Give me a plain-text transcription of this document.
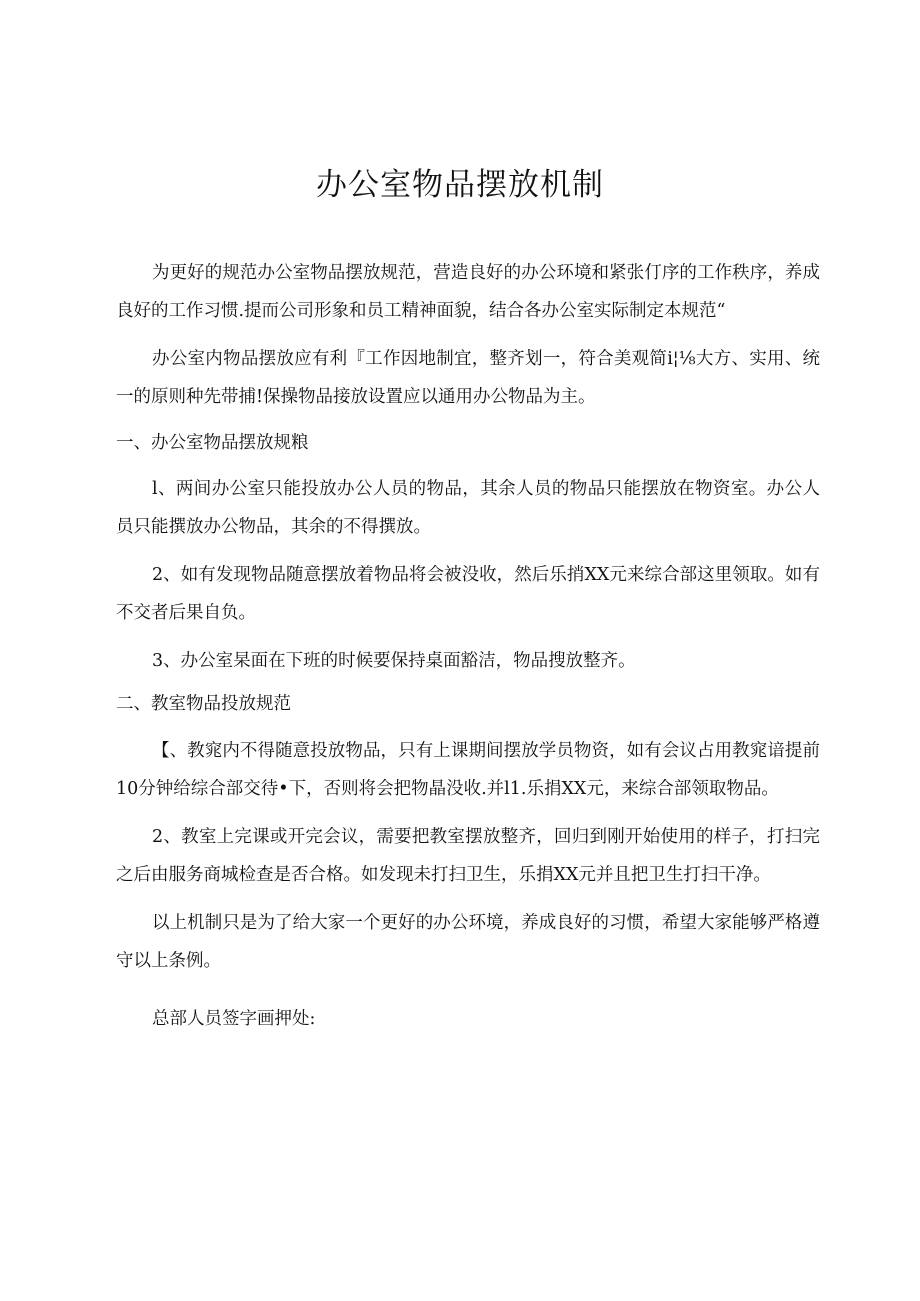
办公室物品摆放机制

为更好的规范办公室物品摆放规范，营造良好的办公环境和紧张仃序的工作秩序，养成良好的工作习惯.提而公司形象和员工精神面貌，结合各办公室实际制定本规范“

办公室内物品摆放应有利『工作因地制宜，整齐划一，符合美观简i¦⅛大方、实用、统一的原则种先带捕!保操物品接放设置应以通用办公物品为主。

一、办公室物品摆放规粮

l、两间办公室只能投放办公人员的物品，其余人员的物品只能摆放在物资室。办公人员只能撰放办公物品，其余的不得撰放。

2、如有发现物品随意摆放着物品将会被没收，然后乐捎XX元来综合部这里领取。如有不交者后果自负。

3、办公室杲面在下班的时候要保持桌面豁洁，物品搜放整齐。

二、教室物品投放规范

【、教窕内不得随意投放物品，只有上课期间摆放学员物资，如有会议占用教窕谙提前10分钟给综合部交待•下，否则将会把物晶没收.并l1.乐捐XX元，来综合部领取物品。

2、教室上完课或开完会议，需要把教室摆放整齐，回归到刚开始使用的样子，打扫完之后由服务商城检查是否合格。如发现未打扫卫生，乐捐XX元并且把卫生打扫干净。

以上机制只是为了给大家一个更好的办公环境，养成良好的习惯，希望大家能够严格遵守以上条例。

总部人员签字画押处:
